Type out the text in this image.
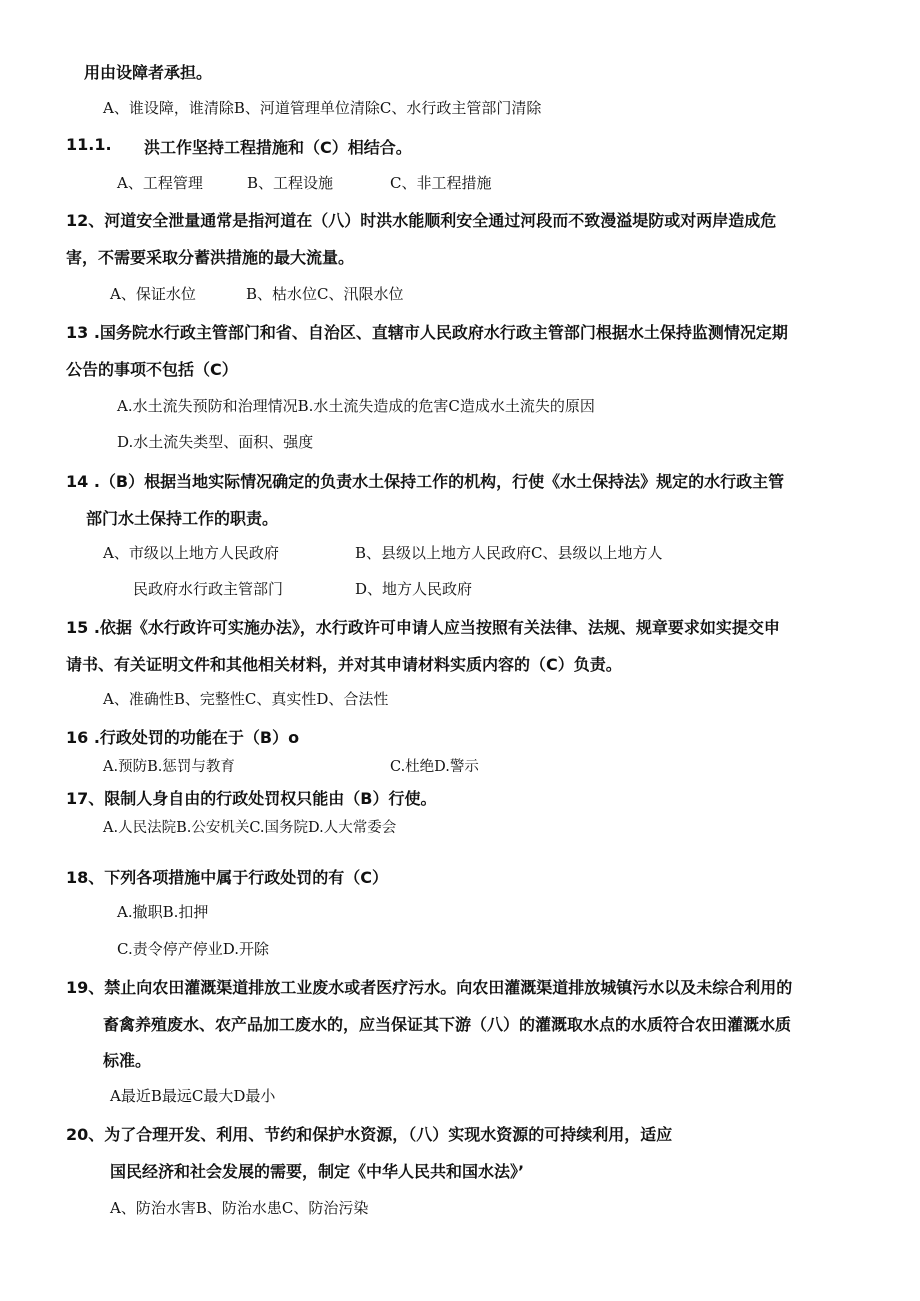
用由设障者承担。

A、谁设障，谁清除B、河道管理单位清除C、水行政主管部门清除

11.1. 洪工作坚持工程措施和（C）相结合。

A、工程管理	B、工程设施	C、非工程措施

12、河道安全泄量通常是指河道在（八）时洪水能顺利安全通过河段而不致漫溢堤防或对两岸造成危

害，不需要采取分蓄洪措施的最大流量。

A、保证水位	B、枯水位C、汛限水位

13 .国务院水行政主管部门和省、自治区、直辖市人民政府水行政主管部门根据水土保持监测情况定期

公告的事项不包括（C）

A.水土流失预防和治理情况B.水土流失造成的危害C造成水土流失的原因

D.水土流失类型、面积、强度

14 .（B）根据当地实际情况确定的负责水土保持工作的机构，行使《水土保持法》规定的水行政主管

部门水土保持工作的职责。

A、市级以上地方人民政府	B、县级以上地方人民政府C、县级以上地方人

民政府水行政主管部门	D、地方人民政府

15 .依据《水行政许可实施办法》，水行政许可申请人应当按照有关法律、法规、规章要求如实提交申

请书、有关证明文件和其他相关材料，并对其申请材料实质内容的（C）负责。

A、准确性B、完整性C、真实性D、合法性

16 .行政处罚的功能在于（B）o

A.预防B.惩罚与教育	C.杜绝D.警示

17、限制人身自由的行政处罚权只能由（B）行使。

A.人民法院B.公安机关C.国务院D.人大常委会

18、下列各项措施中属于行政处罚的有（C）

A.撤职B.扣押

C.责令停产停业D.开除

19、禁止向农田灌溉渠道排放工业废水或者医疗污水。向农田灌溉渠道排放城镇污水以及未综合利用的

畜禽养殖废水、农产品加工废水的，应当保证其下游（八）的灌溉取水点的水质符合农田灌溉水质

标准。

A最近B最远C最大D最小

20、为了合理开发、利用、节约和保护水资源，（八）实现水资源的可持续利用，适应

国民经济和社会发展的需要，制定《中华人民共和国水法》’

A、防治水害B、防治水患C、防治污染
